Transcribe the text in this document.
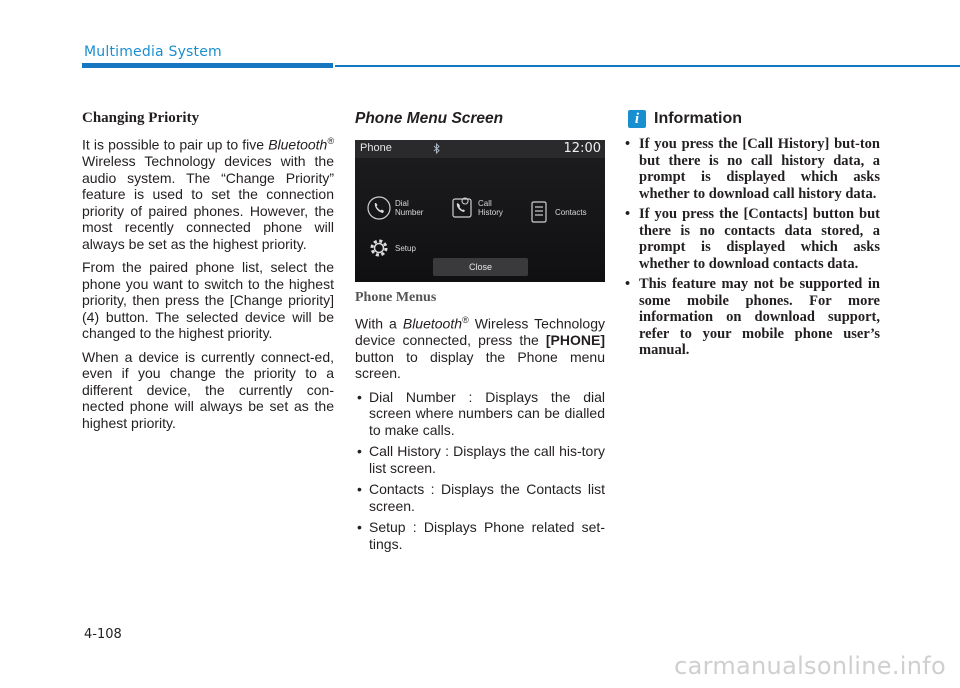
Multimedia System
Changing Priority

It is possible to pair up to five Bluetooth® Wireless Technology devices with the audio system. The “Change Priority” feature is used to set the connection priority of paired phones. However, the most recently connected phone will always be set as the highest priority.

From the paired phone list, select the phone you want to switch to the highest priority, then press the [Change priority](4) button. The selected device will be changed to the highest priority.

When a device is currently connect-ed, even if you change the priority to a different device, the currently con-nected phone will always be set as the highest priority.

Phone Menu Screen
Phone	12:00
Dial
Number
Call
History	Contacts
Setup
Close
Phone Menus

With a Bluetooth® Wireless Technology device connected, press the [PHONE] button to display the Phone menu screen.

• Dial Number : Displays the dial screen where numbers can be dialled to make calls.
• Call History : Displays the call his-tory list screen.
• Contacts : Displays the Contacts list screen.
• Setup : Displays Phone related set-tings.
i Information
• If you press the [Call History] but-ton but there is no call history data, a prompt is displayed which asks whether to download call history data.
• If you press the [Contacts] button but there is no contacts data stored, a prompt is displayed which asks whether to download contacts data.
• This feature may not be supported in some mobile phones. For more information on download support, refer to your mobile phone user’s manual.
4-108
carmanualsonline.info
